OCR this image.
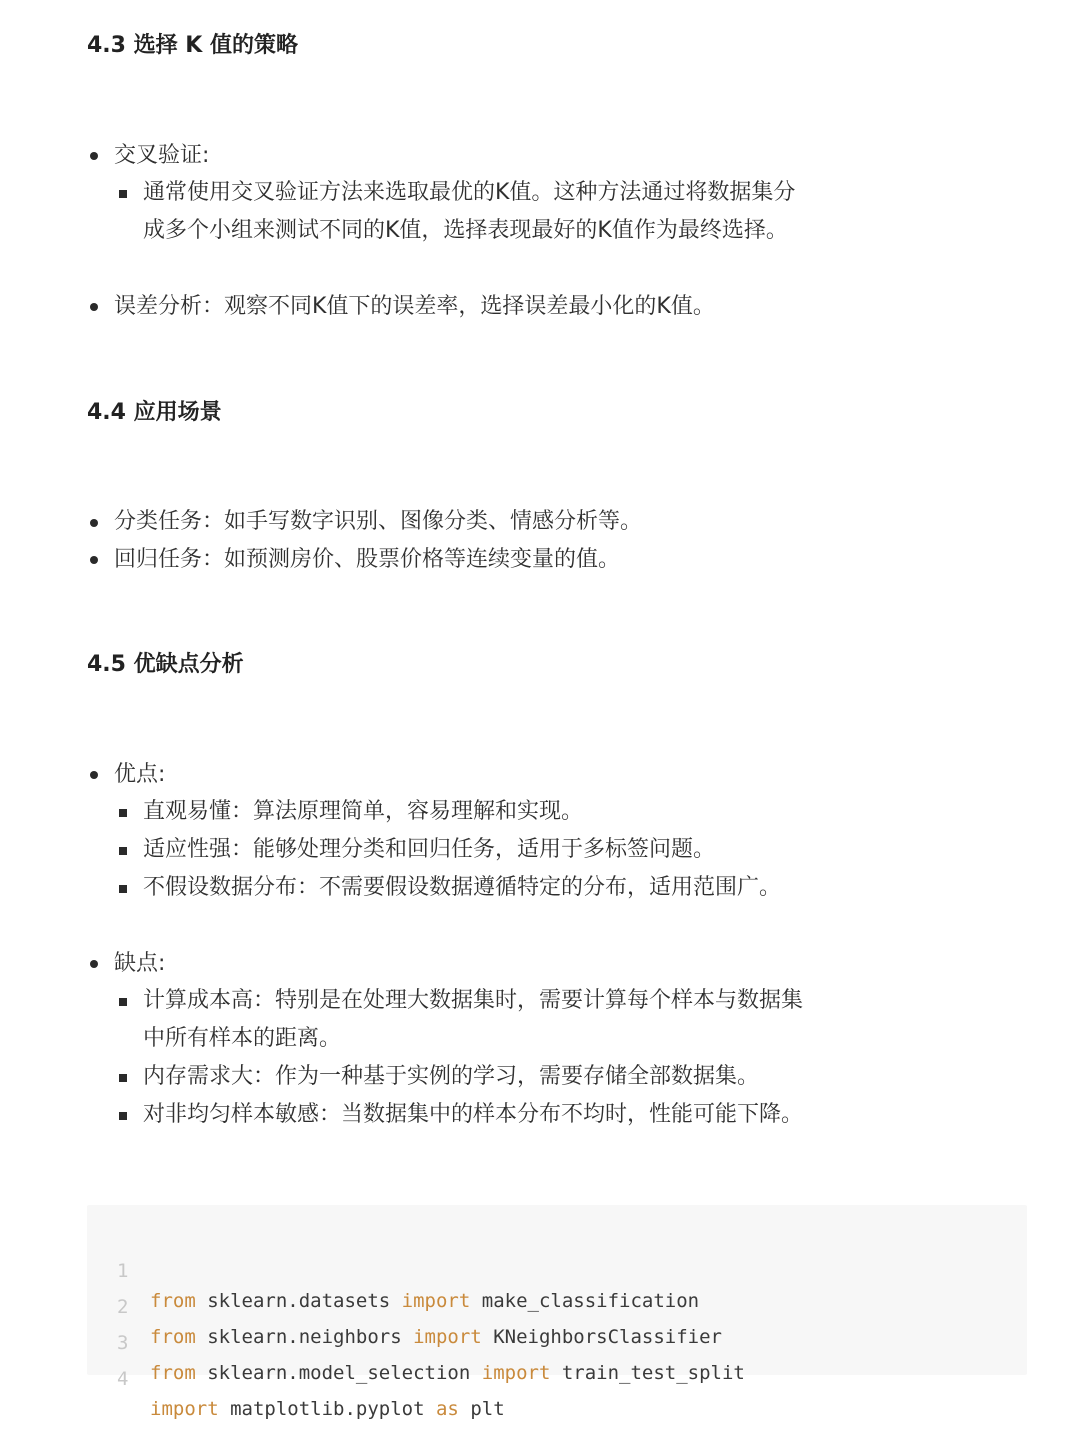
4.3 选择 K 值的策略
交叉验证:
通常使用交叉验证方法来选取最优的K值。这种方法通过将数据集分
成多个小组来测试不同的K值，选择表现最好的K值作为最终选择。
误差分析：观察不同K值下的误差率，选择误差最小化的K值。
4.4 应用场景
分类任务：如手写数字识别、图像分类、情感分析等。
回归任务：如预测房价、股票价格等连续变量的值。
4.5 优缺点分析
优点:
直观易懂：算法原理简单，容易理解和实现。
适应性强：能够处理分类和回归任务，适用于多标签问题。
不假设数据分布：不需要假设数据遵循特定的分布，适用范围广。
缺点:
计算成本高：特别是在处理大数据集时，需要计算每个样本与数据集
中所有样本的距离。
内存需求大：作为一种基于实例的学习，需要存储全部数据集。
对非均匀样本敏感：当数据集中的样本分布不均时，性能可能下降。

1

from sklearn.datasets import make_classification

2

from sklearn.neighbors import KNeighborsClassifier

3

from sklearn.model_selection import train_test_split

4

import matplotlib.pyplot as plt
